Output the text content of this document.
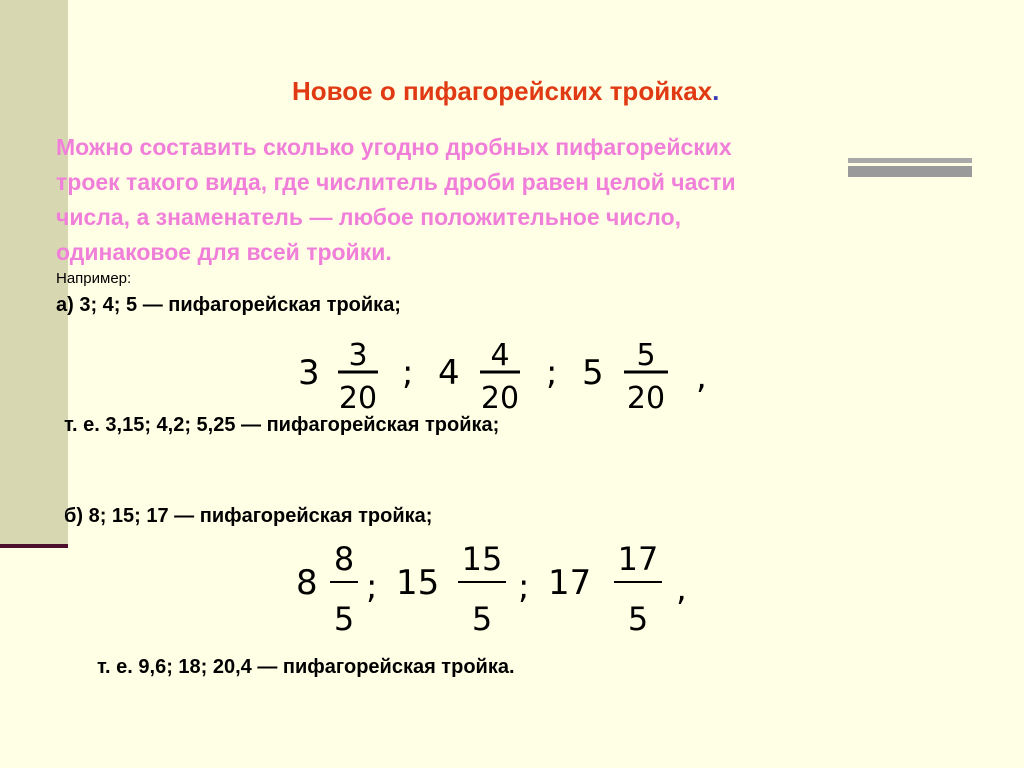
Новое о пифагорейских тройках.
Можно составить сколько угодно дробных пифагорейских
троек такого вида, где числитель дроби равен целой части
числа, а знаменатель — любое положительное число,
одинаковое для всей тройки.
Например:
а) 3; 4; 5 — пифагорейская тройка;
3 3
20
; 4 4
20
; 5 5
20
,
т. е. 3,15; 4,2; 5,25 — пифагорейская тройка;
б) 8; 15; 17 — пифагорейская тройка;
8
8
5
; 15
15
5
; 17
17
5
,
т. е. 9,6; 18; 20,4 — пифагорейская тройка.
